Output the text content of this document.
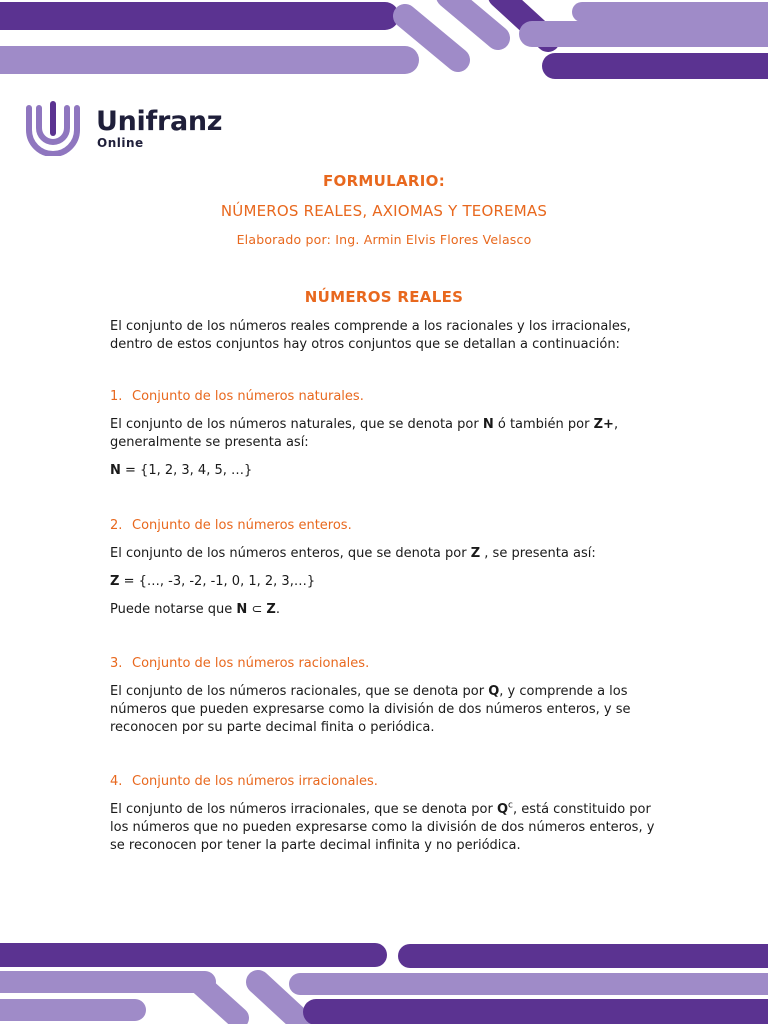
Unifranz
Online
FORMULARIO:
NÚMEROS REALES, AXIOMAS Y TEOREMAS
Elaborado por: Ing. Armin Elvis Flores Velasco
NÚMEROS REALES

El conjunto de los números reales comprende a los racionales y los irracionales, dentro de estos conjuntos hay otros conjuntos que se detallan a continuación:

1. Conjunto de los números naturales.

El conjunto de los números naturales, que se denota por N ó también por Z+, generalmente se presenta así:

N = {1, 2, 3, 4, 5, …}

2. Conjunto de los números enteros.

El conjunto de los números enteros, que se denota por Z , se presenta así:

Z = {…, -3, -2, -1, 0, 1, 2, 3,…}

Puede notarse que N ⊂ Z.

3. Conjunto de los números racionales.

El conjunto de los números racionales, que se denota por Q, y comprende a los números que pueden expresarse como la división de dos números enteros, y se reconocen por su parte decimal finita o periódica.

4. Conjunto de los números irracionales.

El conjunto de los números irracionales, que se denota por $Q^c$, está constituido por los números que no pueden expresarse como la división de dos números enteros, y se reconocen por tener la parte decimal infinita y no periódica.
